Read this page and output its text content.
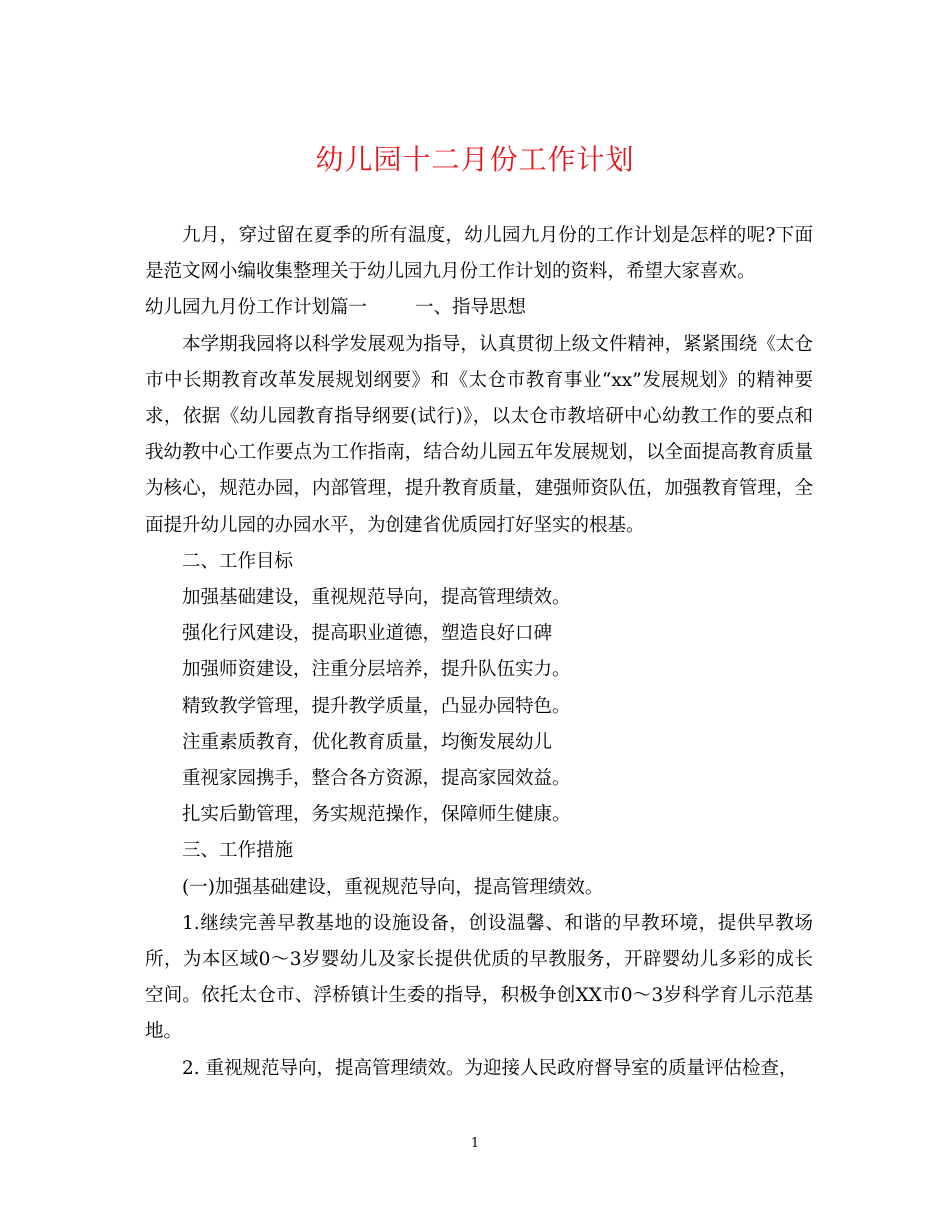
幼儿园十二月份工作计划

九月，穿过留在夏季的所有温度，幼儿园九月份的工作计划是怎样的呢?下面是范文网小编收集整理关于幼儿园九月份工作计划的资料，希望大家喜欢。

幼儿园九月份工作计划篇一	一、指导思想

本学期我园将以科学发展观为指导，认真贯彻上级文件精神，紧紧围绕《太仓市中长期教育改革发展规划纲要》和《太仓市教育事业“xx”发展规划》的精神要求，依据《幼儿园教育指导纲要(试行)》，以太仓市教培研中心幼教工作的要点和我幼教中心工作要点为工作指南，结合幼儿园五年发展规划，以全面提高教育质量为核心，规范办园，内部管理，提升教育质量，建强师资队伍，加强教育管理，全面提升幼儿园的办园水平，为创建省优质园打好坚实的根基。

二、工作目标

加强基础建设，重视规范导向，提高管理绩效。

强化行风建设，提高职业道德，塑造良好口碑

加强师资建设，注重分层培养，提升队伍实力。

精致教学管理，提升教学质量，凸显办园特色。

注重素质教育，优化教育质量，均衡发展幼儿

重视家园携手，整合各方资源，提高家园效益。

扎实后勤管理，务实规范操作，保障师生健康。

三、工作措施

(一)加强基础建设，重视规范导向，提高管理绩效。

1.继续完善早教基地的设施设备，创设温馨、和谐的早教环境，提供早教场所，为本区域0～3岁婴幼儿及家长提供优质的早教服务，开辟婴幼儿多彩的成长空间。依托太仓市、浮桥镇计生委的指导，积极争创XX市0～3岁科学育儿示范基地。

2. 重视规范导向，提高管理绩效。为迎接人民政府督导室的质量评估检查，

1
